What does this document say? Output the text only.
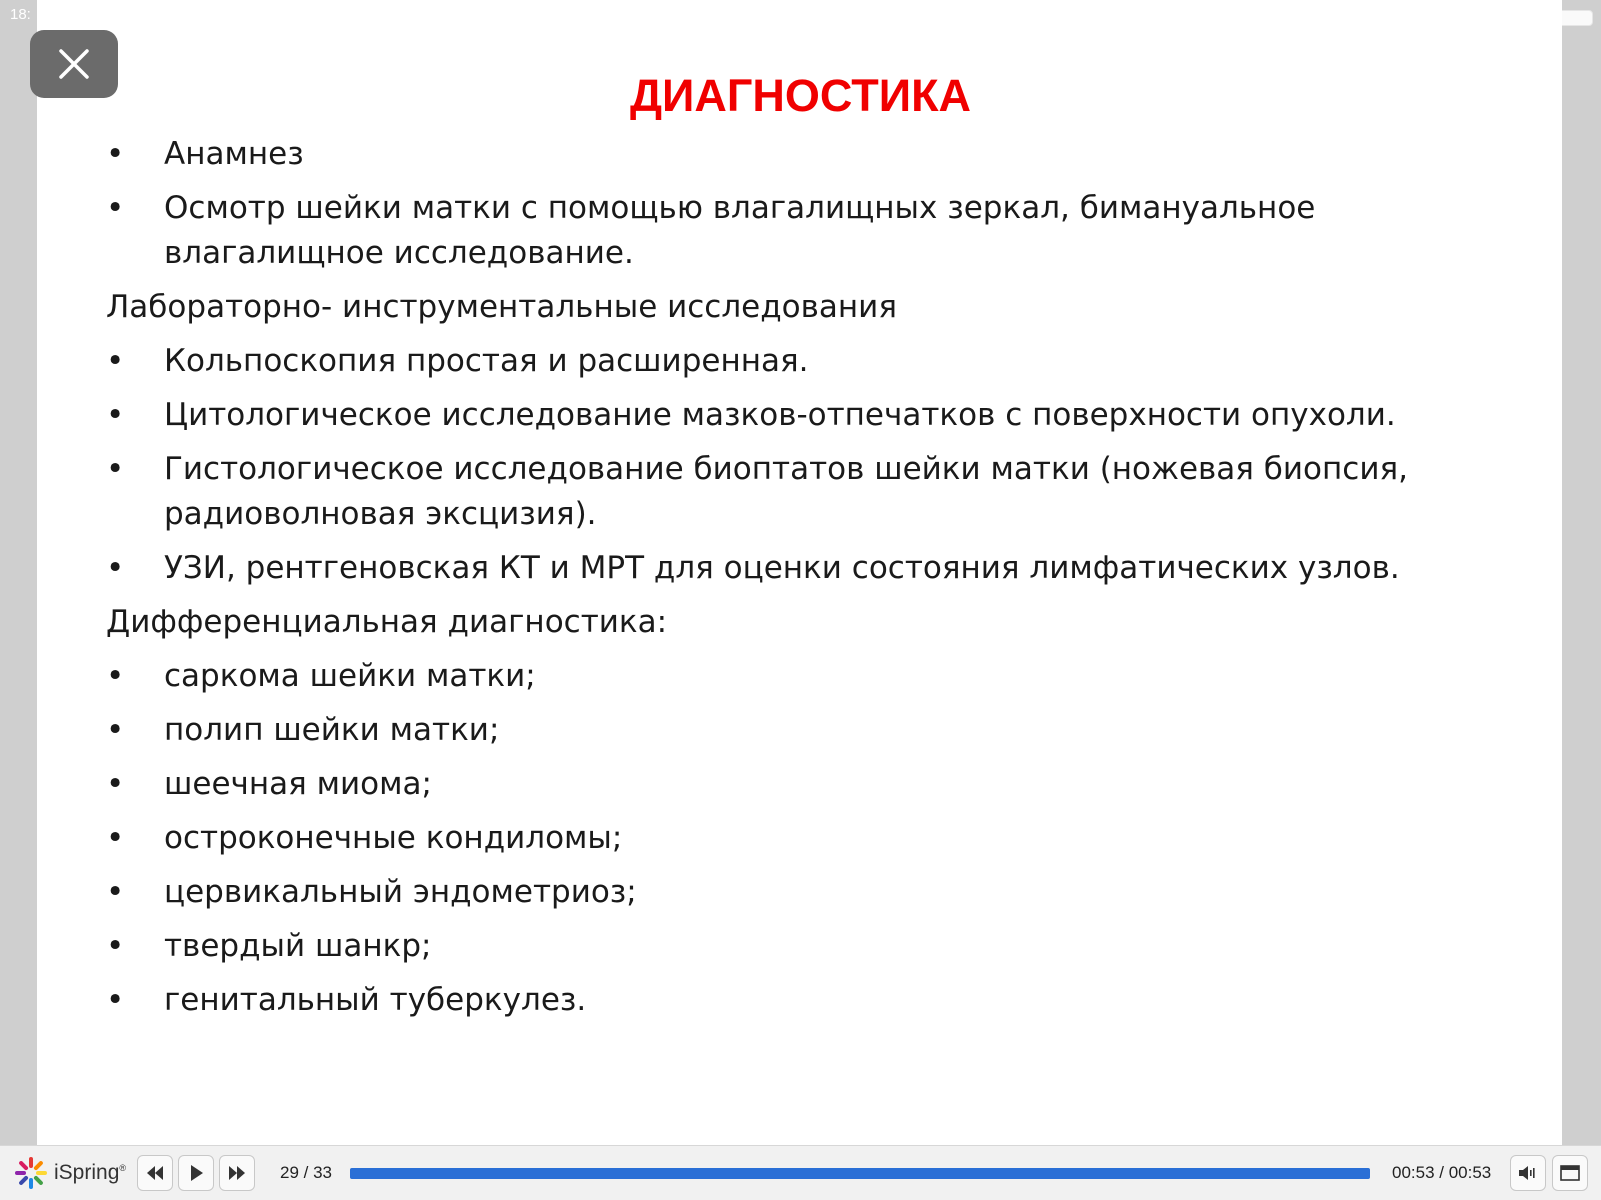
18:
ДИАГНОСТИКА
• Анамнез
• Осмотр шейки матки с помощью влагалищных зеркал, бимануальное влагалищное исследование.
Лабораторно- инструментальные исследования
• Кольпоскопия простая и расширенная.
• Цитологическое исследование мазков-отпечатков с поверхности опухоли.
• Гистологическое исследование биоптатов шейки матки (ножевая биопсия, радиоволновая эксцизия).
• УЗИ, рентгеновская КТ и МРТ для оценки состояния лимфатических узлов.
Дифференциальная диагностика:
• саркома шейки матки;
• полип шейки матки;
• шеечная миома;
• остроконечные кондиломы;
• цервикальный эндометриоз;
• твердый шанкр;
• генитальный туберкулез.
iSpring®	29 / 33	00:53 / 00:53
